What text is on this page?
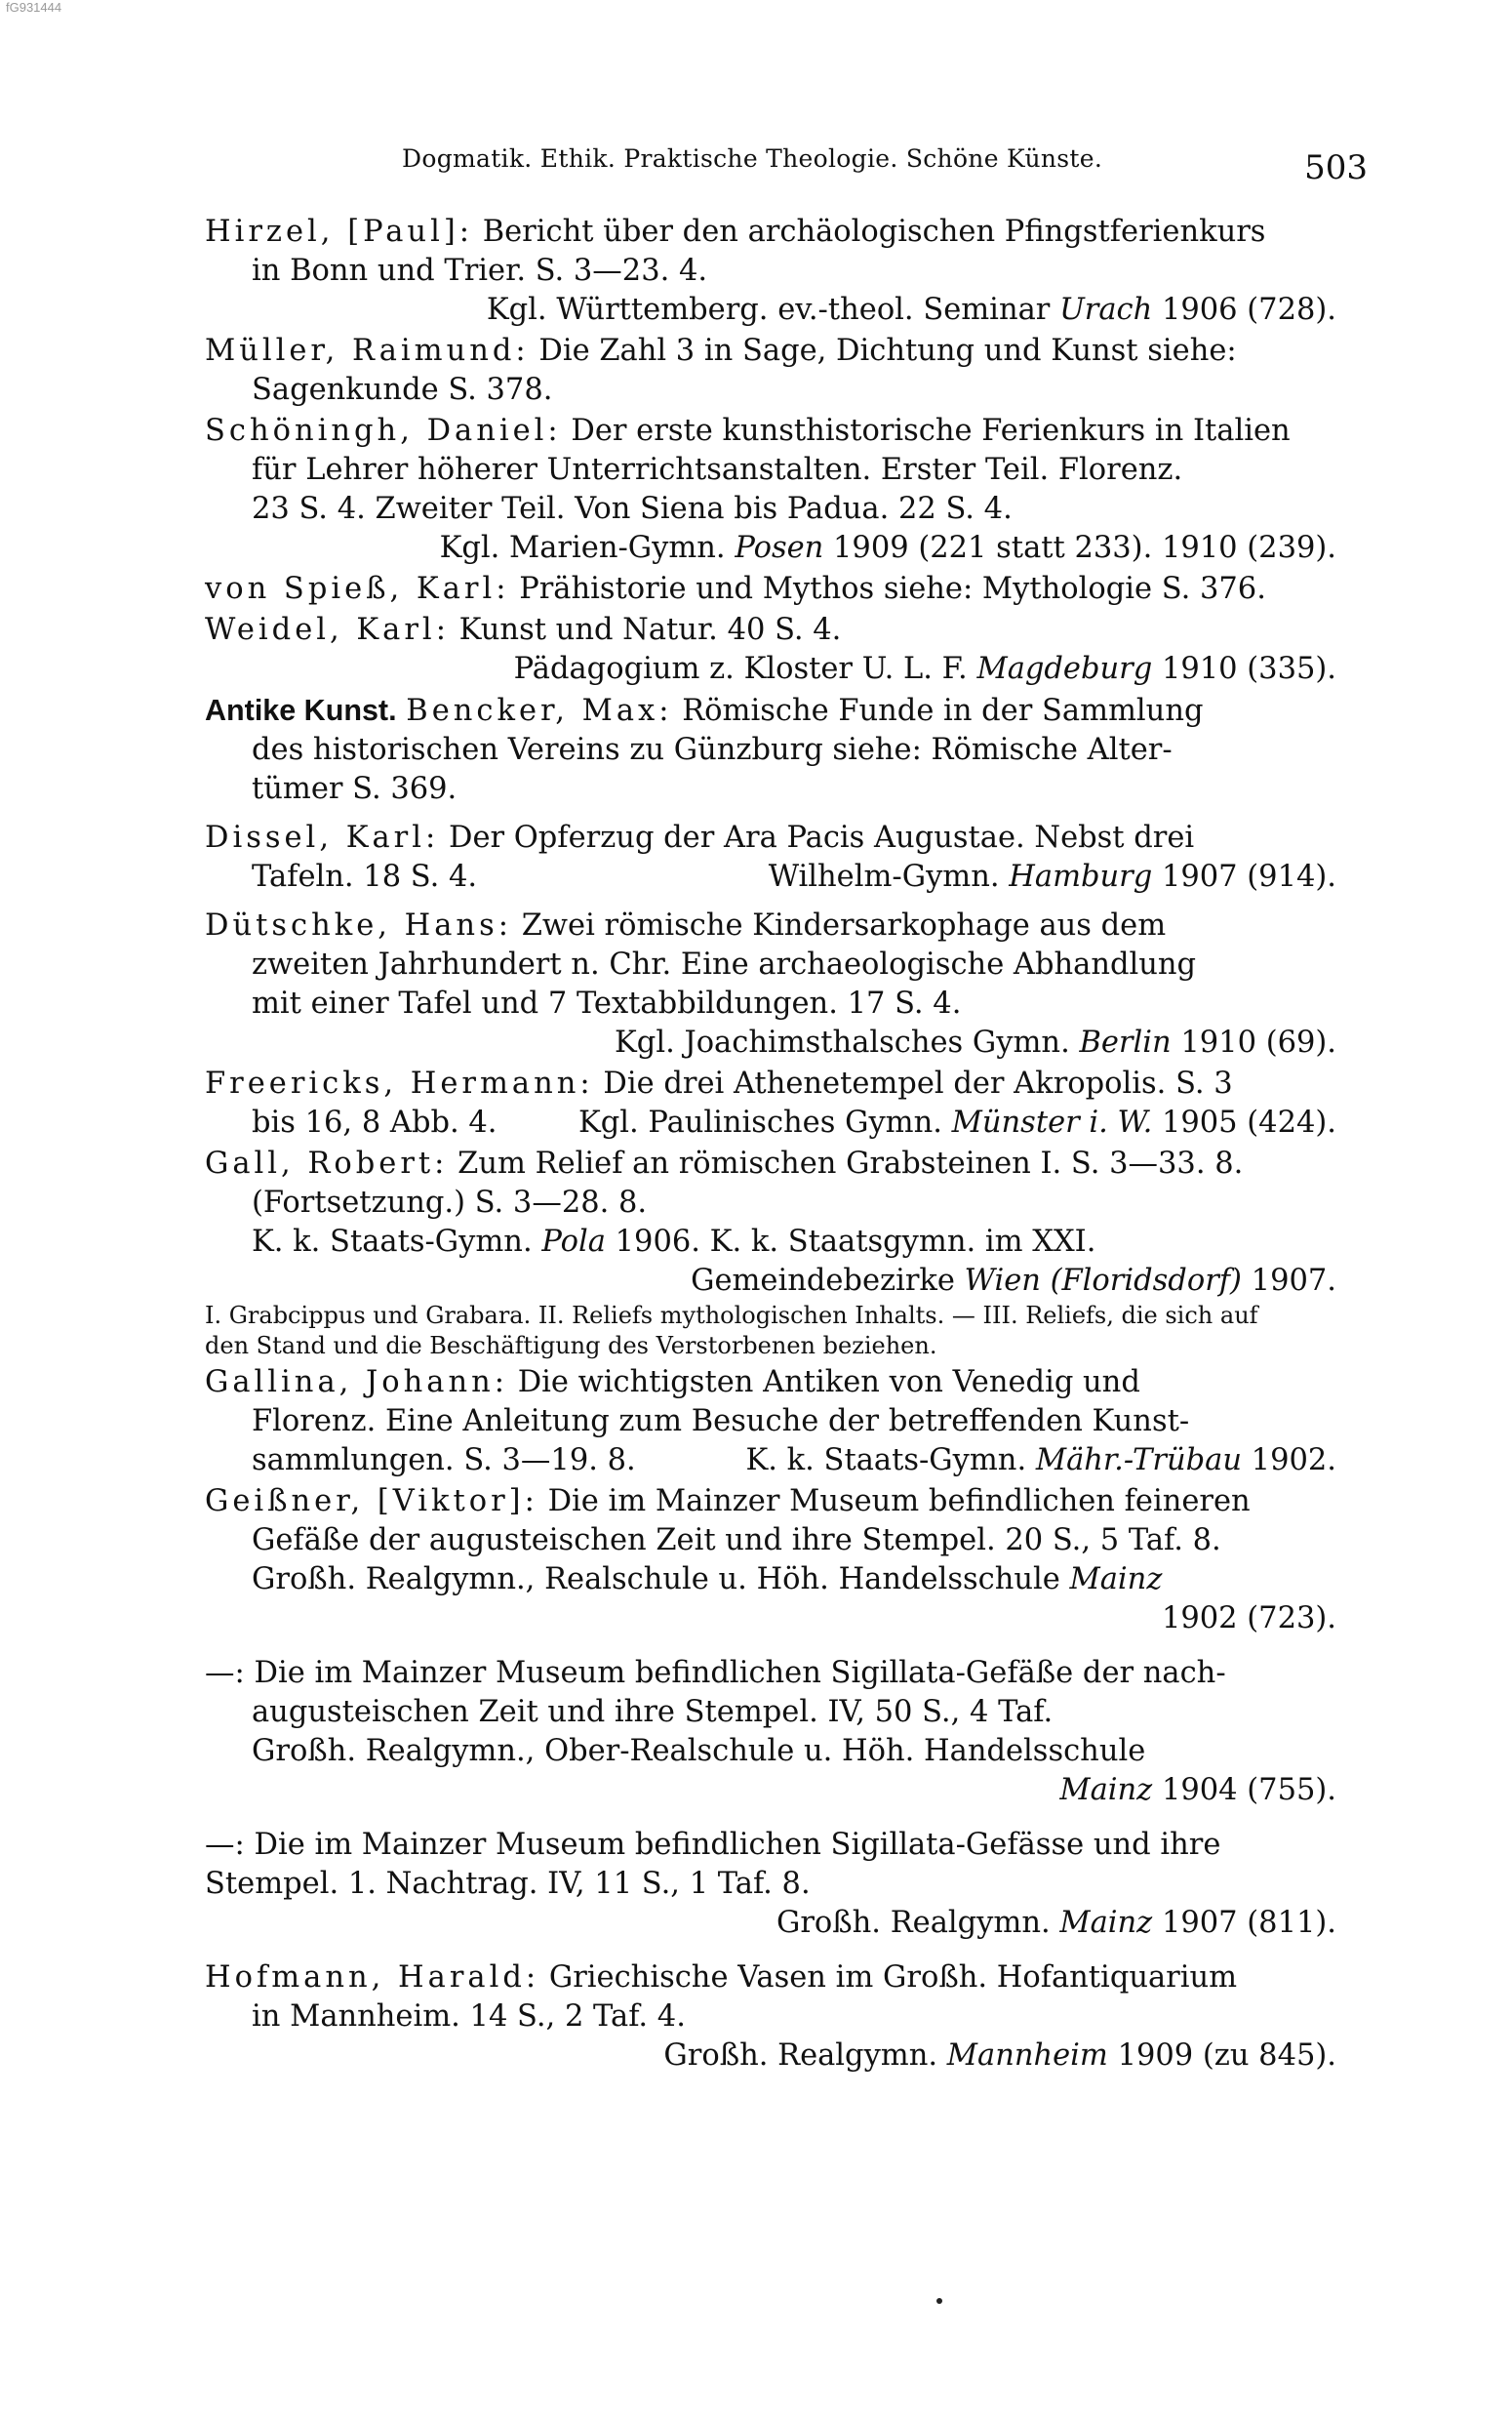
fG931444
Dogmatik. Ethik. Praktische Theologie. Schöne Künste.	503

Hirzel, [Paul]: Bericht über den archäologischen Pfingstferienkurs

in Bonn und Trier. S. 3—23. 4.

Kgl. Württemberg. ev.-theol. Seminar Urach 1906 (728).

Müller, Raimund: Die Zahl 3 in Sage, Dichtung und Kunst siehe:

Sagenkunde S. 378.

Schöningh, Daniel: Der erste kunsthistorische Ferienkurs in Italien

für Lehrer höherer Unterrichtsanstalten. Erster Teil. Florenz.

23 S. 4. Zweiter Teil. Von Siena bis Padua. 22 S. 4.

Kgl. Marien-Gymn. Posen 1909 (221 statt 233). 1910 (239).

von Spieß, Karl: Prähistorie und Mythos siehe: Mythologie S. 376.

Weidel, Karl: Kunst und Natur. 40 S. 4.

Pädagogium z. Kloster U. L. F. Magdeburg 1910 (335).

Antike Kunst. Bencker, Max: Römische Funde in der Sammlung

des historischen Vereins zu Günzburg siehe: Römische Alter-

tümer S. 369.

Dissel, Karl: Der Opferzug der Ara Pacis Augustae. Nebst drei

Tafeln. 18 S. 4.	Wilhelm-Gymn. Hamburg 1907 (914).

Dütschke, Hans: Zwei römische Kindersarkophage aus dem

zweiten Jahrhundert n. Chr. Eine archaeologische Abhandlung

mit einer Tafel und 7 Textabbildungen. 17 S. 4.

Kgl. Joachimsthalsches Gymn. Berlin 1910 (69).

Freericks, Hermann: Die drei Athenetempel der Akropolis. S. 3

bis 16, 8 Abb. 4.	Kgl. Paulinisches Gymn. Münster i. W. 1905 (424).

Gall, Robert: Zum Relief an römischen Grabsteinen I. S. 3—33. 8.

(Fortsetzung.) S. 3—28. 8.

K. k. Staats-Gymn. Pola 1906. K. k. Staatsgymn. im XXI.

Gemeindebezirke Wien (Floridsdorf) 1907.

I. Grabcippus und Grabara. II. Reliefs mythologischen Inhalts. — III. Reliefs, die sich auf den Stand und die Beschäftigung des Verstorbenen beziehen.

Gallina, Johann: Die wichtigsten Antiken von Venedig und

Florenz. Eine Anleitung zum Besuche der betreffenden Kunst-

sammlungen. S. 3—19. 8.	K. k. Staats-Gymn. Mähr.-Trübau 1902.

Geißner, [Viktor]: Die im Mainzer Museum befindlichen feineren

Gefäße der augusteischen Zeit und ihre Stempel. 20 S., 5 Taf. 8.

Großh. Realgymn., Realschule u. Höh. Handelsschule Mainz

1902 (723).

—: Die im Mainzer Museum befindlichen Sigillata-Gefäße der nach-

augusteischen Zeit und ihre Stempel. IV, 50 S., 4 Taf.

Großh. Realgymn., Ober-Realschule u. Höh. Handelsschule

Mainz 1904 (755).

—: Die im Mainzer Museum befindlichen Sigillata-Gefässe und ihre

Stempel. 1. Nachtrag. IV, 11 S., 1 Taf. 8.

Großh. Realgymn. Mainz 1907 (811).

Hofmann, Harald: Griechische Vasen im Großh. Hofantiquarium

in Mannheim. 14 S., 2 Taf. 4.

Großh. Realgymn. Mannheim 1909 (zu 845).
